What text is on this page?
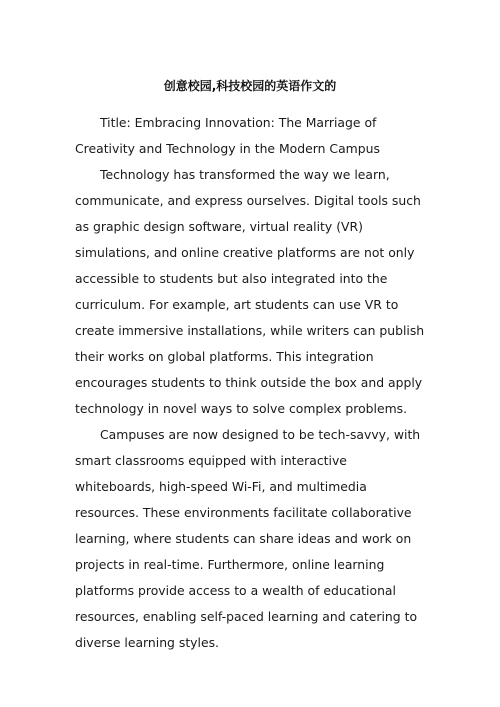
创意校园,科技校园的英语作文的

Title: Embracing Innovation: The Marriage of Creativity and Technology in the Modern Campus

Technology has transformed the way we learn, communicate, and express ourselves. Digital tools such as graphic design software, virtual reality (VR) simulations, and online creative platforms are not only accessible to students but also integrated into the curriculum. For example, art students can use VR to create immersive installations, while writers can publish their works on global platforms. This integration encourages students to think outside the box and apply technology in novel ways to solve complex problems.

Campuses are now designed to be tech-savvy, with smart classrooms equipped with interactive whiteboards, high-speed Wi-Fi, and multimedia resources. These environments facilitate collaborative learning, where students can share ideas and work on projects in real-time. Furthermore, online learning platforms provide access to a wealth of educational resources, enabling self-paced learning and catering to diverse learning styles.
